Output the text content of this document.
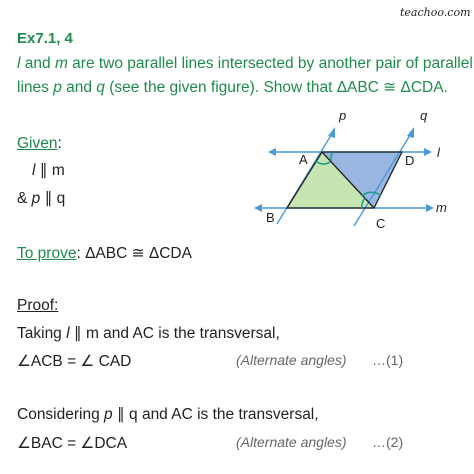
teachoo.com
Ex7.1, 4
l and m are two parallel lines intersected by another pair of parallel
lines p and q (see the given figure). Show that ΔABC ≅ ΔCDA.
Given:
l ∥ m
& p ∥ q
To prove: ΔABC ≅ ΔCDA
Proof:
Taking l ∥ m and AC is the transversal,
∠ACB = ∠ CAD	(Alternate angles) …(1)
Considering p ∥ q and AC is the transversal,
∠BAC = ∠DCA	(Alternate angles) …(2)
A
B	C
D
p	q
l
m
